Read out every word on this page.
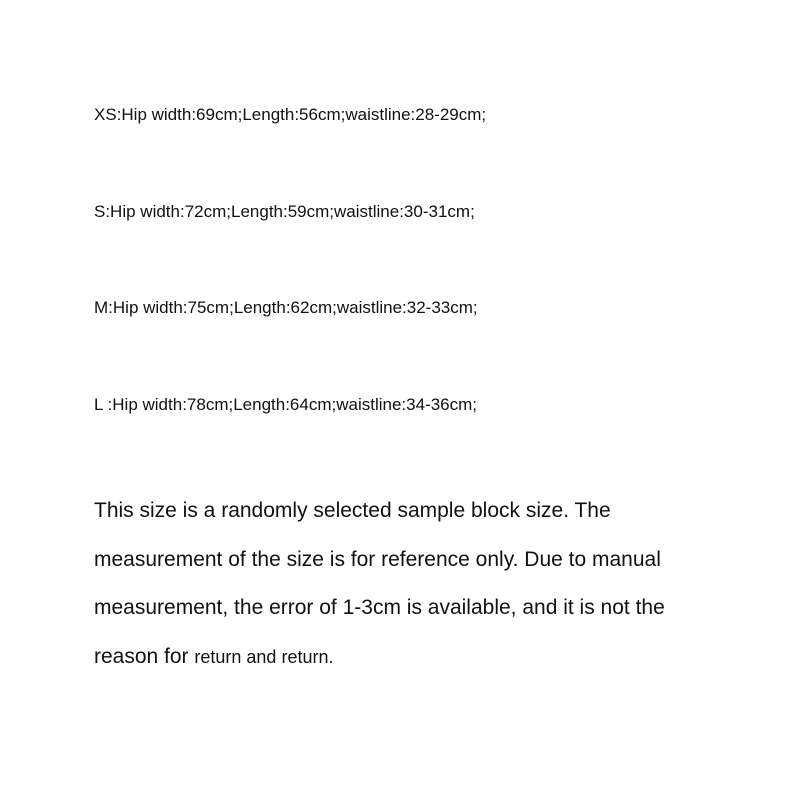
XS:Hip width:69cm;Length:56cm;waistline:28-29cm;
S:Hip width:72cm;Length:59cm;waistline:30-31cm;
M:Hip width:75cm;Length:62cm;waistline:32-33cm;
L :Hip width:78cm;Length:64cm;waistline:34-36cm;
This size is a randomly selected sample block size. The
measurement of the size is for reference only. Due to manual
measurement, the error of 1-3cm is available, and it is not the
reason for return and return.
